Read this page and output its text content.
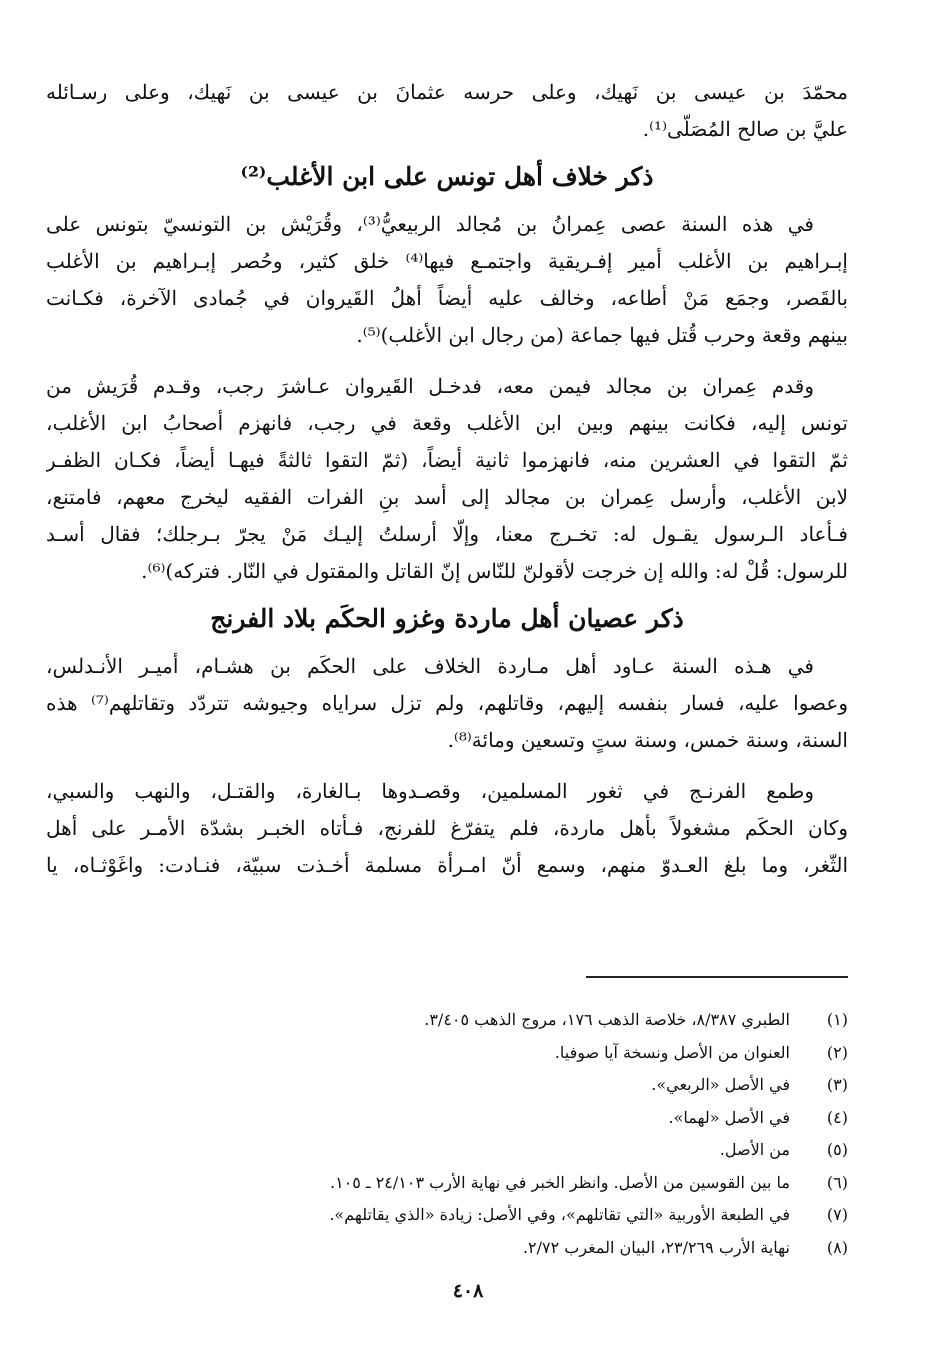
محمّدَ بن عيسى بن نَهيك، وعلى حرسه عثمانَ بن عيسى بن نَهيك، وعلى رسـائله
عليَّ بن صالح المُصَلّى⁽¹⁾.
ذكر خلاف أهل تونس على ابن الأغلب⁽²⁾
في هذه السنة عصى عِمرانُ بن مُجالد الربيعيُّ⁽³⁾، وقُرَيْش بن التونسيّ بتونس على
إبـراهيم بن الأغلب أمير إفـريقية واجتمـع فيها⁽⁴⁾ خلق كثير، وحُصر إبـراهيم بن الأغلب
بالقَصر، وجمَع مَنْ أطاعه، وخالف عليه أيضاً أهلُ القَيروان في جُمادى الآخرة، فكـانت
بينهم وقعة وحرب قُتل فيها جماعة (من رجال ابن الأغلب)⁽⁵⁾.
وقدم عِمران بن مجالد فيمن معه، فدخـل القَيروان عـاشرَ رجب، وقـدم قُرَيش من
تونس إليه، فكانت بينهم وبين ابن الأغلب وقعة في رجب، فانهزم أصحابُ ابن الأغلب،
ثمّ التقوا في العشرين منه، فانهزموا ثانية أيضاً، (ثمّ التقوا ثالثةً فيهـا أيضاً، فكـان الظفـر
لابن الأغلب، وأرسل عِمران بن مجالد إلى أسد بنِ الفرات الفقيه ليخرج معهم، فامتنع،
فـأعاد الـرسول يقـول له: تخـرج معنا، وإلّا أرسلتُ إليـك مَنْ يجرّ بـرجلك؛ فقال أسـد
للرسول: قُلْ له: والله إن خرجت لأقولنّ للنّاس إنّ القاتل والمقتول في النّار. فتركه)⁽⁶⁾.
ذكر عصيان أهل ماردة وغزو الحكَم بلاد الفرنج
في هـذه السنة عـاود أهل مـاردة الخلاف على الحكَم بن هشـام، أميـر الأنـدلس،
وعصوا عليه، فسار بنفسه إليهم، وقاتلهم، ولم تزل سراياه وجيوشه تتردّد وتقاتلهم⁽⁷⁾ هذه
السنة، وسنة خمس، وسنة ستٍ وتسعين ومائة⁽⁸⁾.
وطمع الفرنـج في ثغور المسلمين، وقصـدوها بـالغارة، والقتـل، والنهب والسبي،
وكان الحكَم مشغولاً بأهل ماردة، فلم يتفرّغ للفرنج، فـأتاه الخبـر بشدّة الأمـر على أهل
الثّغر، وما بلغ العـدوّ منهم، وسمع أنّ امـرأة مسلمة أخـذت سبيّة، فنـادت: واغَوْثـاه، يا
(١)
الطبري ٨/٣٨٧، خلاصة الذهب ١٧٦، مروج الذهب ٣/٤٠٥.
(٢)
العنوان من الأصل ونسخة آيا صوفيا.
(٣)
في الأصل «الربعي».
(٤)
في الأصل «لهما».
(٥)
من الأصل.
(٦)
ما بين القوسين من الأصل. وانظر الخبر في نهاية الأرب ٢٤/١٠٣ ـ ١٠٥.
(٧)
في الطبعة الأوربية «التي تقاتلهم»، وفي الأصل: زيادة «الذي يقاتلهم».
(٨)
نهاية الأرب ٢٣/٢٦٩، البيان المغرب ٢/٧٢.
٤٠٨
